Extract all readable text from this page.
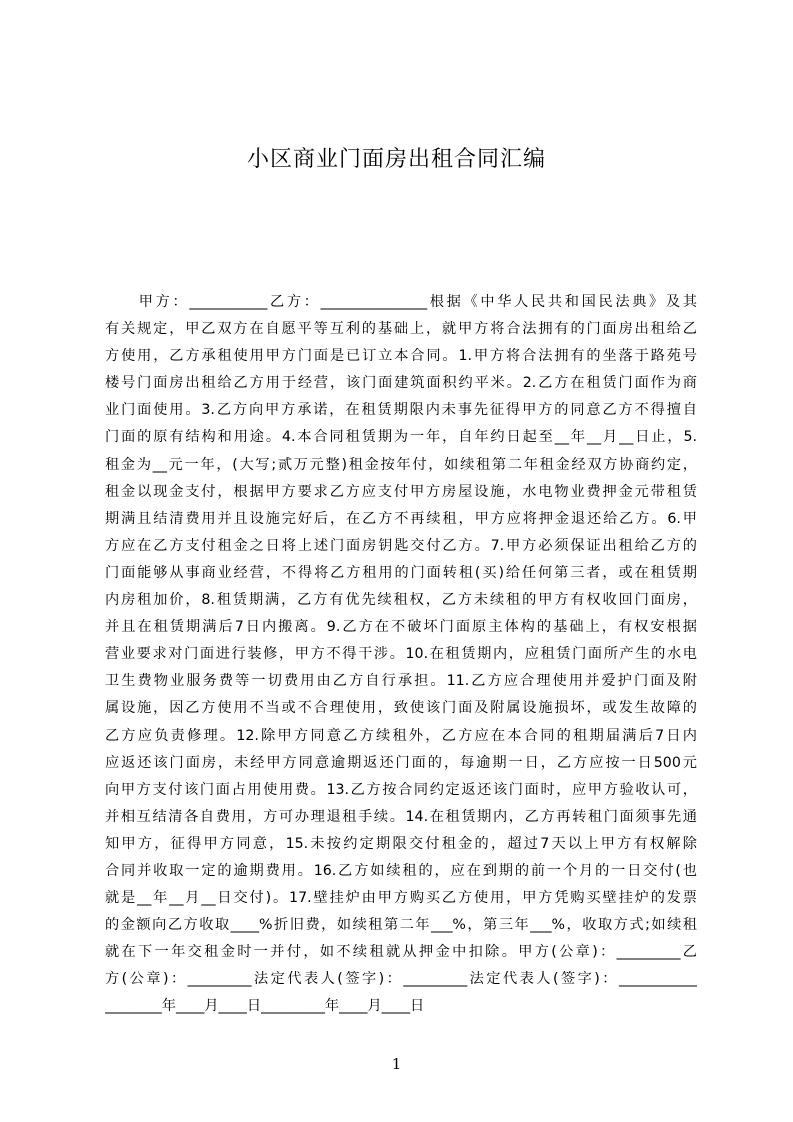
小区商业门面房出租合同汇编
　　甲方：___________乙方：_______________根据《中华人民共和国民法典》及其
有关规定，甲乙双方在自愿平等互利的基础上，就甲方将合法拥有的门面房出租给乙
方使用，乙方承租使用甲方门面是已订立本合同。1.甲方将合法拥有的坐落于路苑号
楼号门面房出租给乙方用于经营，该门面建筑面积约平米。2.乙方在租赁门面作为商
业门面使用。3.乙方向甲方承诺，在租赁期限内未事先征得甲方的同意乙方不得擅自
门面的原有结构和用途。4.本合同租赁期为一年，自年约日起至__年__月__日止，5.
租金为__元一年，(大写;贰万元整)租金按年付，如续租第二年租金经双方协商约定，
租金以现金支付，根据甲方要求乙方应支付甲方房屋设施，水电物业费押金元带租赁
期满且结清费用并且设施完好后，在乙方不再续租，甲方应将押金退还给乙方。6.甲
方应在乙方支付租金之日将上述门面房钥匙交付乙方。7.甲方必须保证出租给乙方的
门面能够从事商业经营，不得将乙方租用的门面转租(买)给任何第三者，或在租赁期
内房租加价，8.租赁期满，乙方有优先续租权，乙方未续租的甲方有权收回门面房，
并且在租赁期满后7日内搬离。9.乙方在不破坏门面原主体构的基础上，有权安根据
营业要求对门面进行装修，甲方不得干涉。10.在租赁期内，应租赁门面所产生的水电
卫生费物业服务费等一切费用由乙方自行承担。11.乙方应合理使用并爱护门面及附
属设施，因乙方使用不当或不合理使用，致使该门面及附属设施损坏，或发生故障的
乙方应负责修理。12.除甲方同意乙方续租外，乙方应在本合同的租期届满后7日内
应返还该门面房，未经甲方同意逾期返还门面的，每逾期一日，乙方应按一日500元
向甲方支付该门面占用使用费。13.乙方按合同约定返还该门面时，应甲方验收认可，
并相互结清各自费用，方可办理退租手续。14.在租赁期内，乙方再转租门面须事先通
知甲方，征得甲方同意，15.未按约定期限交付租金的，超过7天以上甲方有权解除
合同并收取一定的逾期费用。16.乙方如续租的，应在到期的前一个月的一日交付(也
就是__年__月__日交付)。17.壁挂炉由甲方购买乙方使用，甲方凭购买壁挂炉的发票
的金额向乙方收取____%折旧费，如续租第二年___%，第三年___%，收取方式;如续租
就在下一年交租金时一并付，如不续租就从押金中扣除。甲方(公章)：_________乙
方(公章)：_________法定代表人(签字)：_________法定代表人(签字)：___________
________年____月____日_________年____月____日
1
